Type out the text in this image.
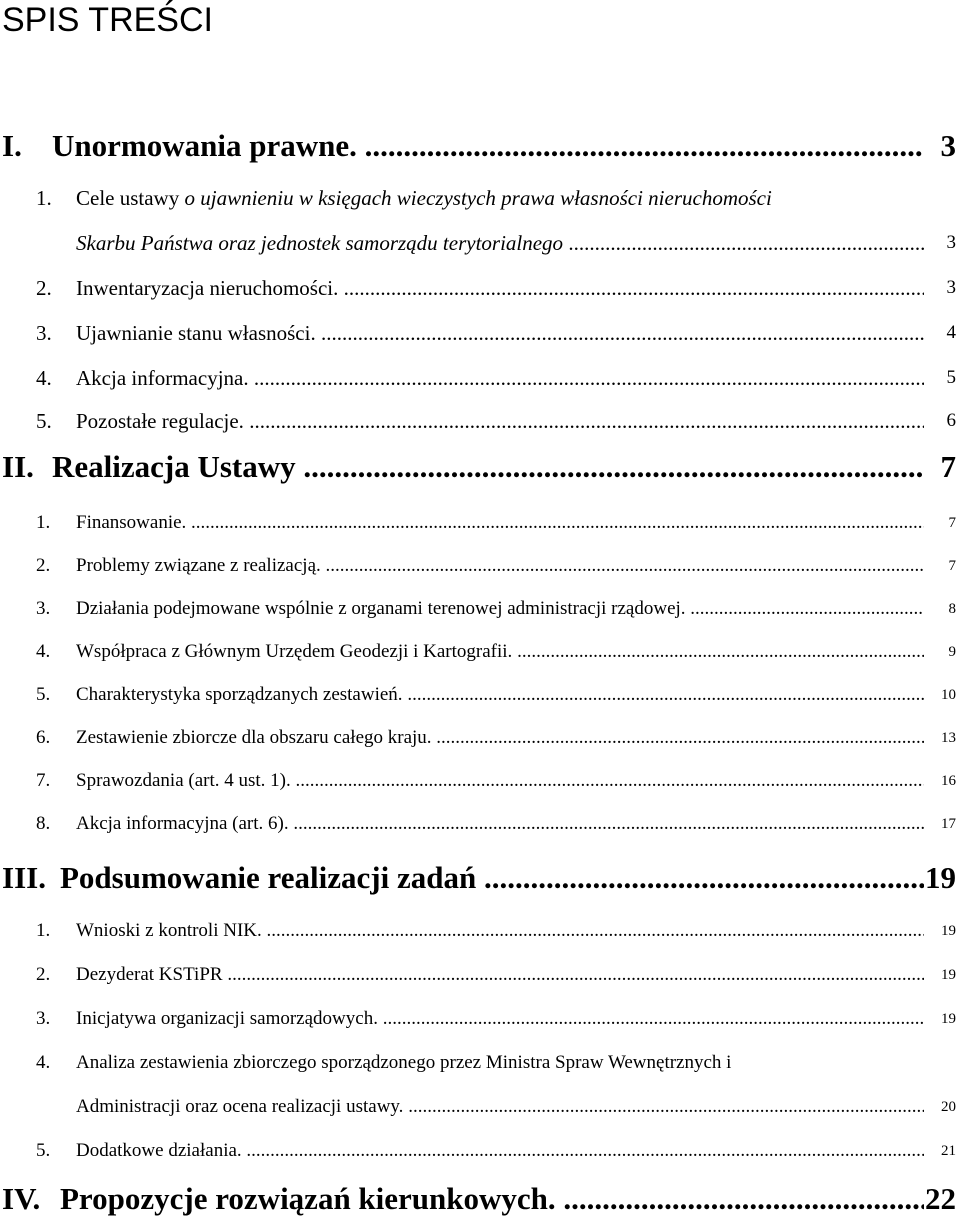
SPIS TREŚCI
I. Unormowania prawne. .....	3
1. Cele ustawy o ujawnieniu w księgach wieczystych prawa własności nieruchomości
Skarbu Państwa oraz jednostek samorządu terytorialnego .....	3
2. Inwentaryzacja nieruchomości. .....	3
3. Ujawnianie stanu własności. .....	4
4. Akcja informacyjna. .....	5
5. Pozostałe regulacje. .....	6
II. Realizacja Ustawy .....	7
1. Finansowanie. .....	7
2. Problemy związane z realizacją. .....	7
3. Działania podejmowane wspólnie z organami terenowej administracji rządowej. .....	8
4. Współpraca z Głównym Urzędem Geodezji i Kartografii. .....	9
5. Charakterystyka sporządzanych zestawień. .....	10
6. Zestawienie zbiorcze dla obszaru całego kraju. .....	13
7. Sprawozdania (art. 4 ust. 1). .....	16
8. Akcja informacyjna (art. 6). .....	17
III. Podsumowanie realizacji zadań .....	19
1. Wnioski z kontroli NIK. .....	19
2. Dezyderat KSTiPR .....	19
3. Inicjatywa organizacji samorządowych. .....	19
4. Analiza zestawienia zbiorczego sporządzonego przez Ministra Spraw Wewnętrznych i
Administracji oraz ocena realizacji ustawy. .....	20
5. Dodatkowe działania. .....	21
IV. Propozycje rozwiązań kierunkowych. .....	22
